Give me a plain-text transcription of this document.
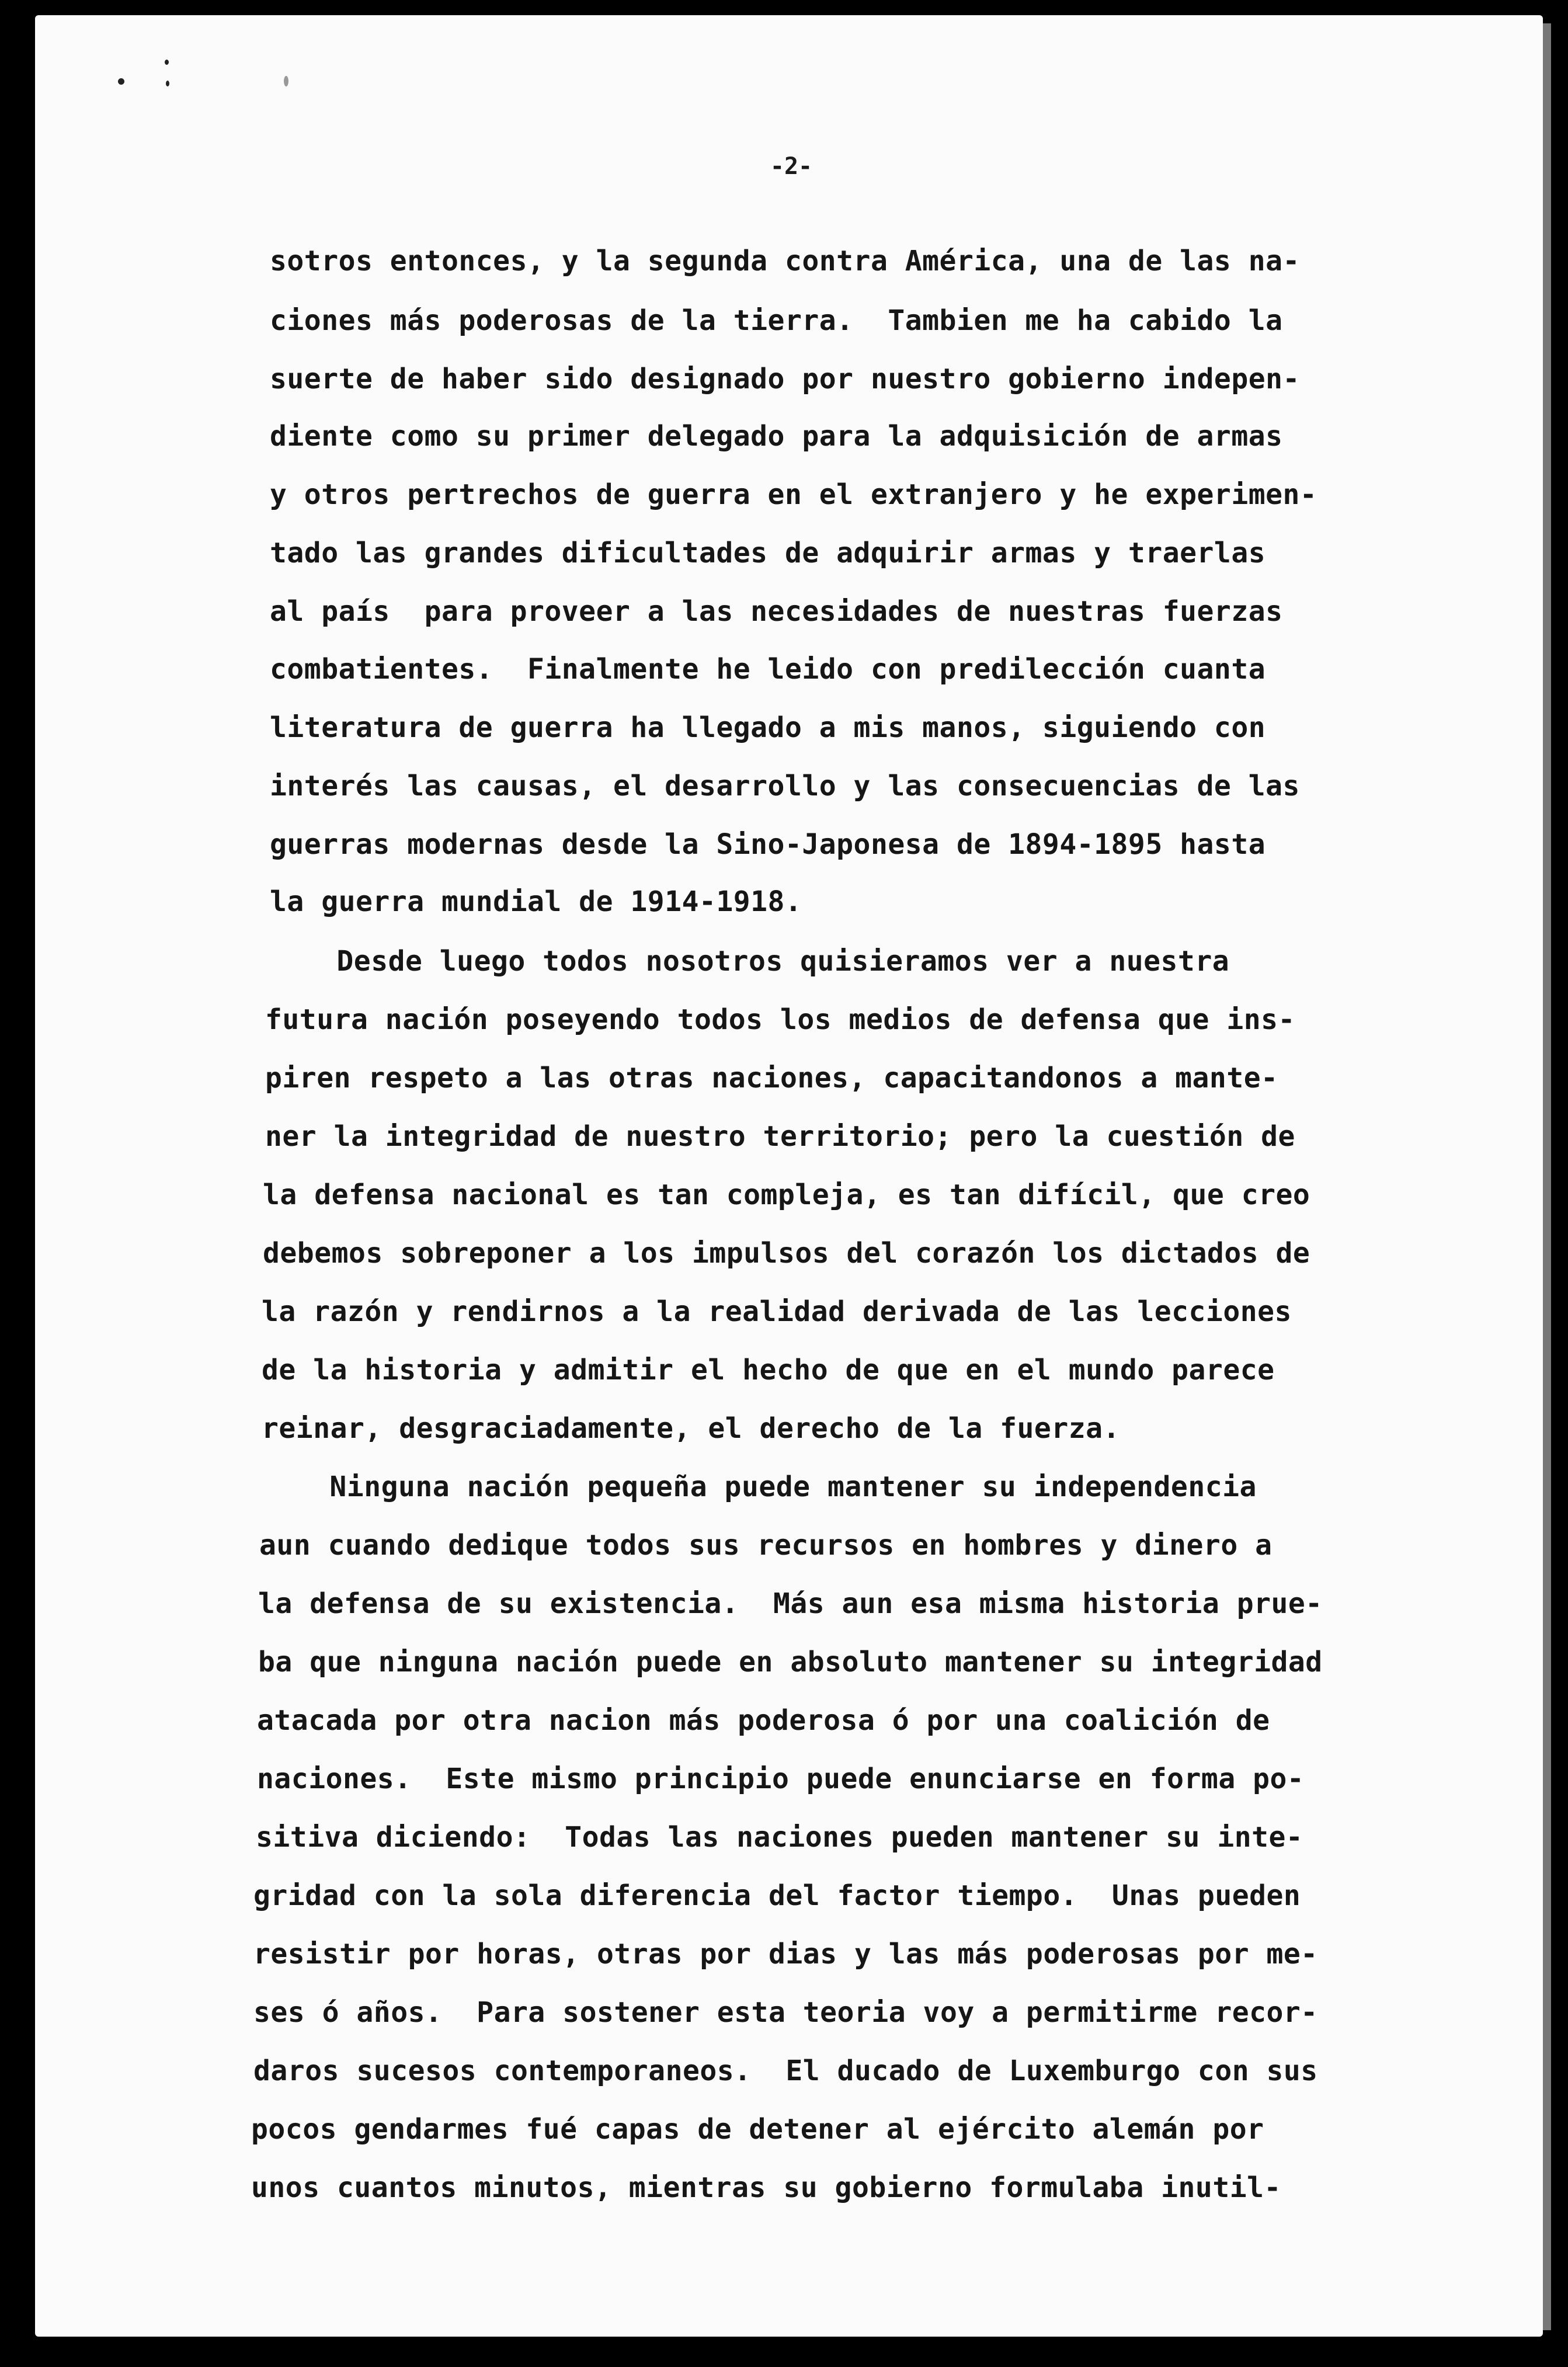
-2-

sotros entonces, y la segunda contra América, una de las na-

ciones más poderosas de la tierra.  Tambien me ha cabido la

suerte de haber sido designado por nuestro gobierno indepen-

diente como su primer delegado para la adquisición de armas

y otros pertrechos de guerra en el extranjero y he experimen-

tado las grandes dificultades de adquirir armas y traerlas

al país  para proveer a las necesidades de nuestras fuerzas

combatientes.  Finalmente he leido con predilección cuanta

literatura de guerra ha llegado a mis manos, siguiendo con

interés las causas, el desarrollo y las consecuencias de las

guerras modernas desde la Sino-Japonesa de 1894-1895 hasta

la guerra mundial de 1914-1918.

Desde luego todos nosotros quisieramos ver a nuestra

futura nación poseyendo todos los medios de defensa que ins-

piren respeto a las otras naciones, capacitandonos a mante-

ner la integridad de nuestro territorio; pero la cuestión de

la defensa nacional es tan compleja, es tan difícil, que creo

debemos sobreponer a los impulsos del corazón los dictados de

la razón y rendirnos a la realidad derivada de las lecciones

de la historia y admitir el hecho de que en el mundo parece

reinar, desgraciadamente, el derecho de la fuerza.

Ninguna nación pequeña puede mantener su independencia

aun cuando dedique todos sus recursos en hombres y dinero a

la defensa de su existencia.  Más aun esa misma historia prue-

ba que ninguna nación puede en absoluto mantener su integridad

atacada por otra nacion más poderosa ó por una coalición de

naciones.  Este mismo principio puede enunciarse en forma po-

sitiva diciendo:  Todas las naciones pueden mantener su inte-

gridad con la sola diferencia del factor tiempo.  Unas pueden

resistir por horas, otras por dias y las más poderosas por me-

ses ó años.  Para sostener esta teoria voy a permitirme recor-

daros sucesos contemporaneos.  El ducado de Luxemburgo con sus

pocos gendarmes fué capas de detener al ejército alemán por

unos cuantos minutos, mientras su gobierno formulaba inutil-
